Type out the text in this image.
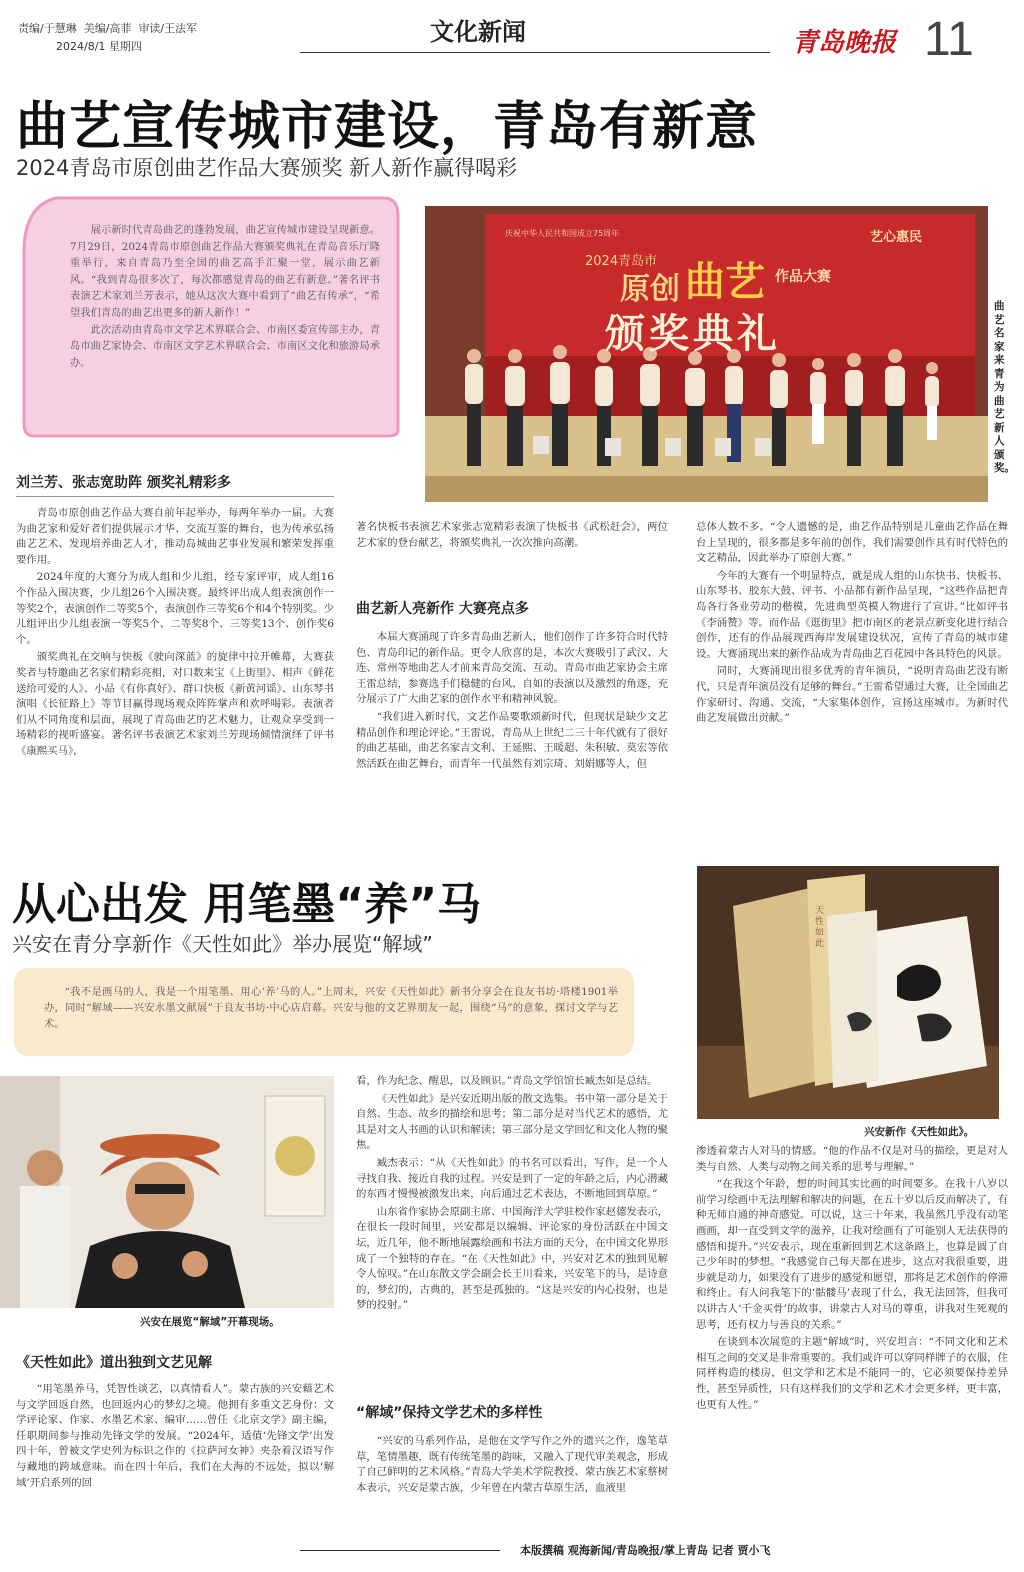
责编/于慧琳 美编/高菲 审读/王法军
2024/8/1 星期四
文化新闻	青岛晚报 11
曲艺宣传城市建设，青岛有新意
2024青岛市原创曲艺作品大赛颁奖 新人新作赢得喝彩

展示新时代青岛曲艺的蓬勃发展，曲艺宣传城市建设呈现新意。7月29日，2024青岛市原创曲艺作品大赛颁奖典礼在青岛音乐厅隆重举行，来自青岛乃至全国的曲艺高手汇聚一堂，展示曲艺新风。“我到青岛很多次了，每次都感觉青岛的曲艺有新意。”著名评书表演艺术家刘兰芳表示，她从这次大赛中看到了“曲艺有传承”，“希望我们青岛的曲艺出更多的新人新作！”

此次活动由青岛市文学艺术界联合会、市南区委宣传部主办，青岛市曲艺家协会、市南区文学艺术界联合会、市南区文化和旅游局承办。

庆祝中华人民共和国成立75周年	艺心惠民
2024青岛市
原创 曲艺 作品大赛
颁奖典礼
曲艺名家来青为曲艺新人颁奖。
刘兰芳、张志宽助阵 颁奖礼精彩多

青岛市原创曲艺作品大赛自前年起举办，每两年举办一届。大赛为曲艺家和爱好者们提供展示才华、交流互鉴的舞台，也为传承弘扬曲艺艺术、发现培养曲艺人才，推动岛城曲艺事业发展和繁荣发挥重要作用。

2024年度的大赛分为成人组和少儿组，经专家评审，成人组16个作品入围决赛，少儿组26个入围决赛。最终评出成人组表演创作一等奖2个，表演创作二等奖5个，表演创作三等奖6个和4个特别奖。少儿组评出少儿组表演一等奖5个、二等奖8个、三等奖13个、创作奖6个。

颁奖典礼在交响与快板《驶向深蓝》的旋律中拉开帷幕，大赛获奖者与特邀曲艺名家们精彩亮相，对口数来宝《上街里》、相声《鲜花送给可爱的人》、小品《有你真好》、群口快板《新黄河谣》、山东琴书演唱《长征路上》等节目赢得现场观众阵阵掌声和欢呼喝彩。表演者们从不同角度和层面，展现了青岛曲艺的艺术魅力，让观众享受到一场精彩的视听盛宴。著名评书表演艺术家刘兰芳现场倾情演绎了评书《康熙买马》，

著名快板书表演艺术家张志宽精彩表演了快板书《武松赶会》，两位艺术家的登台献艺，将颁奖典礼一次次推向高潮。

曲艺新人亮新作 大赛亮点多

本届大赛涌现了许多青岛曲艺新人，他们创作了许多符合时代特色、青岛印记的新作品。更令人欣喜的是，本次大赛吸引了武汉、大连、常州等地曲艺人才前来青岛交流、互动。青岛市曲艺家协会主席王雷总结，参赛选手们稳健的台风、自如的表演以及激烈的角逐，充分展示了广大曲艺家的创作水平和精神风貌。

“我们进入新时代，文艺作品要歌颂新时代，但现状是缺少文艺精品创作和理论评论。”王雷说，青岛从上世纪二三十年代就有了很好的曲艺基础，曲艺名家吉文利、王延熙、王暖超、朱积敏、莫宏等依然活跃在曲艺舞台，而青年一代虽然有刘宗琦、刘娟娜等人，但

总体人数不多。“令人遗憾的是，曲艺作品特别是儿童曲艺作品在舞台上呈现的，很多都是多年前的创作，我们需要创作具有时代特色的文艺精品，因此举办了原创大赛。”

今年的大赛有一个明显特点，就是成人组的山东快书、快板书、山东琴书、胶东大鼓、评书、小品都有新作品呈现，“这些作品把青岛各行各业劳动的楷模，先进典型英模人物进行了宣讲。”比如评书《李涌赞》等。而作品《逛街里》把市南区的老景点新变化进行结合创作，还有的作品展现西海岸发展建设状况，宣传了青岛的城市建设。大赛涌现出来的新作品成为青岛曲艺百花园中各具特色的风景。

同时，大赛涌现出很多优秀的青年演员，“说明青岛曲艺没有断代，只是青年演员没有足够的舞台。”王雷希望通过大赛，让全国曲艺作家研讨、沟通、交流，“大家集体创作，宣扬这座城市。为新时代曲艺发展做出贡献。”

从心出发 用笔墨“养”马
兴安在青分享新作《天性如此》举办展览“解域”
“我不是画马的人，我是一个用笔墨、用心‘养’马的人。”上周末，兴安《天性如此》新书分享会在良友书坊·塔楼1901举办，同时“解域——兴安水墨文献展”于良友书坊·中心店启幕。兴安与他的文艺界朋友一起，围绕“马”的意象，探讨文学与艺术。
天性如此
兴安新作《天性如此》。
兴安在展览“解域”开幕现场。
《天性如此》道出独到文艺见解

“用笔墨养马，凭智性谈艺，以真情看人”。蒙古族的兴安藉艺术与文学回返自然，也回返内心的梦幻之境。他拥有多重文艺身份：文学评论家、作家、水墨艺术家、编审……曾任《北京文学》副主编，任职期间参与推动先锋文学的发展。“2024年，适值‘先锋文学’出发四十年，曾被文学史列为标识之作的《拉萨河女神》夹杂着汉语写作与藏地的跨域意味。而在四十年后，我们在大海的不远处，拟以‘解域’开启系列的回

看，作为纪念、醒思，以及顾识。”青岛文学馆馆长臧杰如是总结。

《天性如此》是兴安近期出版的散文选集。书中第一部分是关于自然、生态、故乡的描绘和思考；第二部分是对当代艺术的感悟，尤其是对文人书画的认识和解读；第三部分是文学回忆和文化人物的聚焦。

臧杰表示：“从《天性如此》的书名可以看出，写作，是一个人寻找自我、接近自我的过程。兴安是到了一定的年龄之后，内心潜藏的东西才慢慢被激发出来，向后通过艺术表达，不断地回到草原。”

山东省作家协会原副主席、中国海洋大学驻校作家赵德发表示，在很长一段时间里，兴安都是以编辑、评论家的身份活跃在中国文坛，近几年，他不断地展露绘画和书法方面的天分，在中国文化界形成了一个独特的存在。“在《天性如此》中，兴安对艺术的独到见解令人惊叹。”在山东散文学会副会长王川看来，兴安笔下的马，是诗意的，梦幻的，古典的，甚至是孤独的。“这是兴安的内心投射，也是梦的投射。”

“解域”保持文学艺术的多样性

“兴安的马系列作品，是他在文学写作之外的遗兴之作，逸笔草草，笔情墨趣，既有传统笔墨的韵味，又融入了现代审美观念，形成了自己鲜明的艺术风格。”青岛大学美术学院教授、蒙古族艺术家蔡树本表示，兴安是蒙古族，少年曾在内蒙古草原生活，血液里

渗透着蒙古人对马的情感。“他的作品不仅是对马的描绘，更是对人类与自然、人类与动物之间关系的思考与理解。”

“在我这个年龄，想的时间其实比画的时间要多。在我十八岁以前学习绘画中无法理解和解决的问题，在五十岁以后反而解决了，有种无师自通的神奇感觉。可以说，这三十年来，我虽然几乎没有动笔画画，却一直受到文学的滋养，让我对绘画有了可能别人无法获得的感悟和提升。”兴安表示，现在重新回到艺术这条路上，也算是圆了自己少年时的梦想。“我感觉自己每天都在进步，这点对我很重要，进步就是动力，如果没有了进步的感觉和愿望，那将是艺术创作的停滞和终止。有人问我笔下的‘骷髅马’表现了什么，我无法回答，但我可以讲古人‘千金买骨’的故事，讲蒙古人对马的尊重，讲我对生死观的思考，还有权力与善良的关系。”

在谈到本次展览的主题“解域”时，兴安坦言：“不同文化和艺术相互之间的交叉是非常重要的。我们或许可以穿同样牌子的衣服，住同样构造的楼房，但文学和艺术是不能同一的，它必须要保持差异性，甚至异质性，只有这样我们的文学和艺术才会更多样，更丰富，也更有人性。”

本版撰稿 观海新闻/青岛晚报/掌上青岛 记者 贾小飞
